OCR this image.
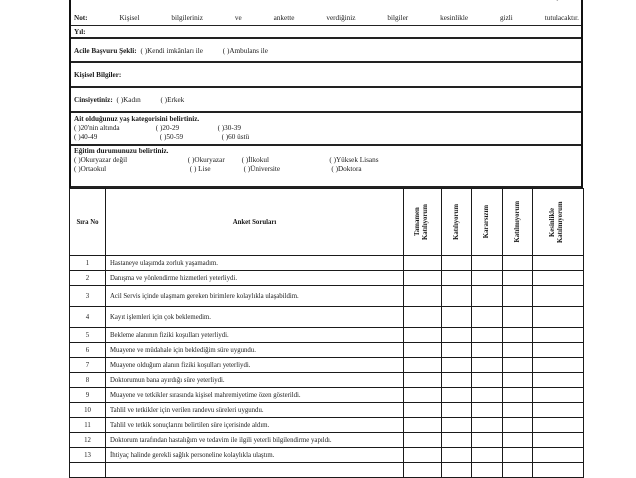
Not:	Kişisel	bilgileriniz	ve	ankette	verdiğiniz	bilgiler	kesinlikle	gizli	tutulacaktır.
Yıl:
Acile Başvuru Şekli: ( )Kendi imkânları ile	( )Ambulans ile
Kişisel Bilgiler:
Cinsiyetiniz: ( )Kadın	( )Erkek
Ait olduğunuz yaş kategorisini belirtiniz.
( )20'nin altında	( )20-29	( )30-39
( )40-49	( )50-59	( )60 üstü
Eğitim durumunuzu belirtiniz.
( )Okuryazar değil	( )Okuryazar ( )İlkokul	( )Yüksek Lisans
( )Ortaokul	( ) Lise	( )Üniversite	( )Doktora
Sıra No	Anket Soruları	Tamamen Katılıyorum	Katılıyorum	Kararsızım	Katılmıyorum	Kesinlikle Katılmıyorum

1	Hastaneye ulaşımda zorluk yaşamadım.					
2	Danışma ve yönlendirme hizmetleri yeterliydi.					
3	Acil Servis içinde ulaşmam gereken birimlere kolaylıkla ulaşabildim.					
4	Kayıt işlemleri için çok beklemedim.					
5	Bekleme alanının fiziki koşulları yeterliydi.					
6	Muayene ve müdahale için beklediğim süre uygundu.					
7	Muayene olduğum alanın fiziki koşulları yeterliydi.					
8	Doktorumun bana ayırdığı süre yeterliydi.					
9	Muayene ve tetkikler sırasında kişisel mahremiyetime özen gösterildi.					
10	Tahlil ve tetkikler için verilen randevu süreleri uygundu.					
11	Tahlil ve tetkik sonuçlarını belirtilen süre içerisinde aldım.					
12	Doktorum tarafından hastalığım ve tedavim ile ilgili yeterli bilgilendirme yapıldı.					
13	İhtiyaç halinde gerekli sağlık personeline kolaylıkla ulaştım.					
